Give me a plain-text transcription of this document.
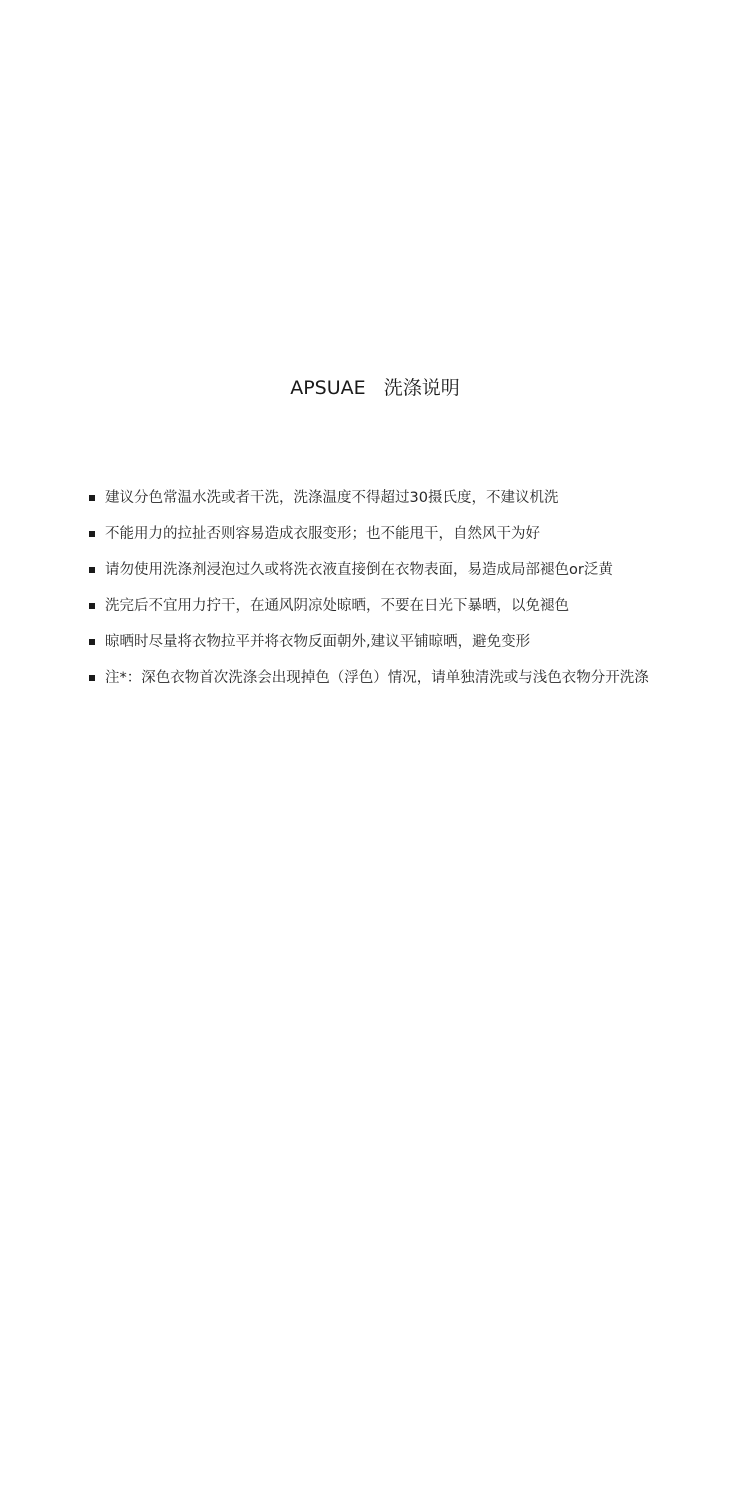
APSUAE   洗涤说明
建议分色常温水洗或者干洗，洗涤温度不得超过30摄氏度，不建议机洗
不能用力的拉扯否则容易造成衣服变形；也不能甩干，自然风干为好
请勿使用洗涤剂浸泡过久或将洗衣液直接倒在衣物表面，易造成局部褪色or泛黄
洗完后不宜用力拧干，在通风阴凉处晾晒，不要在日光下暴晒，以免褪色
晾晒时尽量将衣物拉平并将衣物反面朝外,建议平铺晾晒，避免变形
注*：深色衣物首次洗涤会出现掉色（浮色）情况，请单独清洗或与浅色衣物分开洗涤
